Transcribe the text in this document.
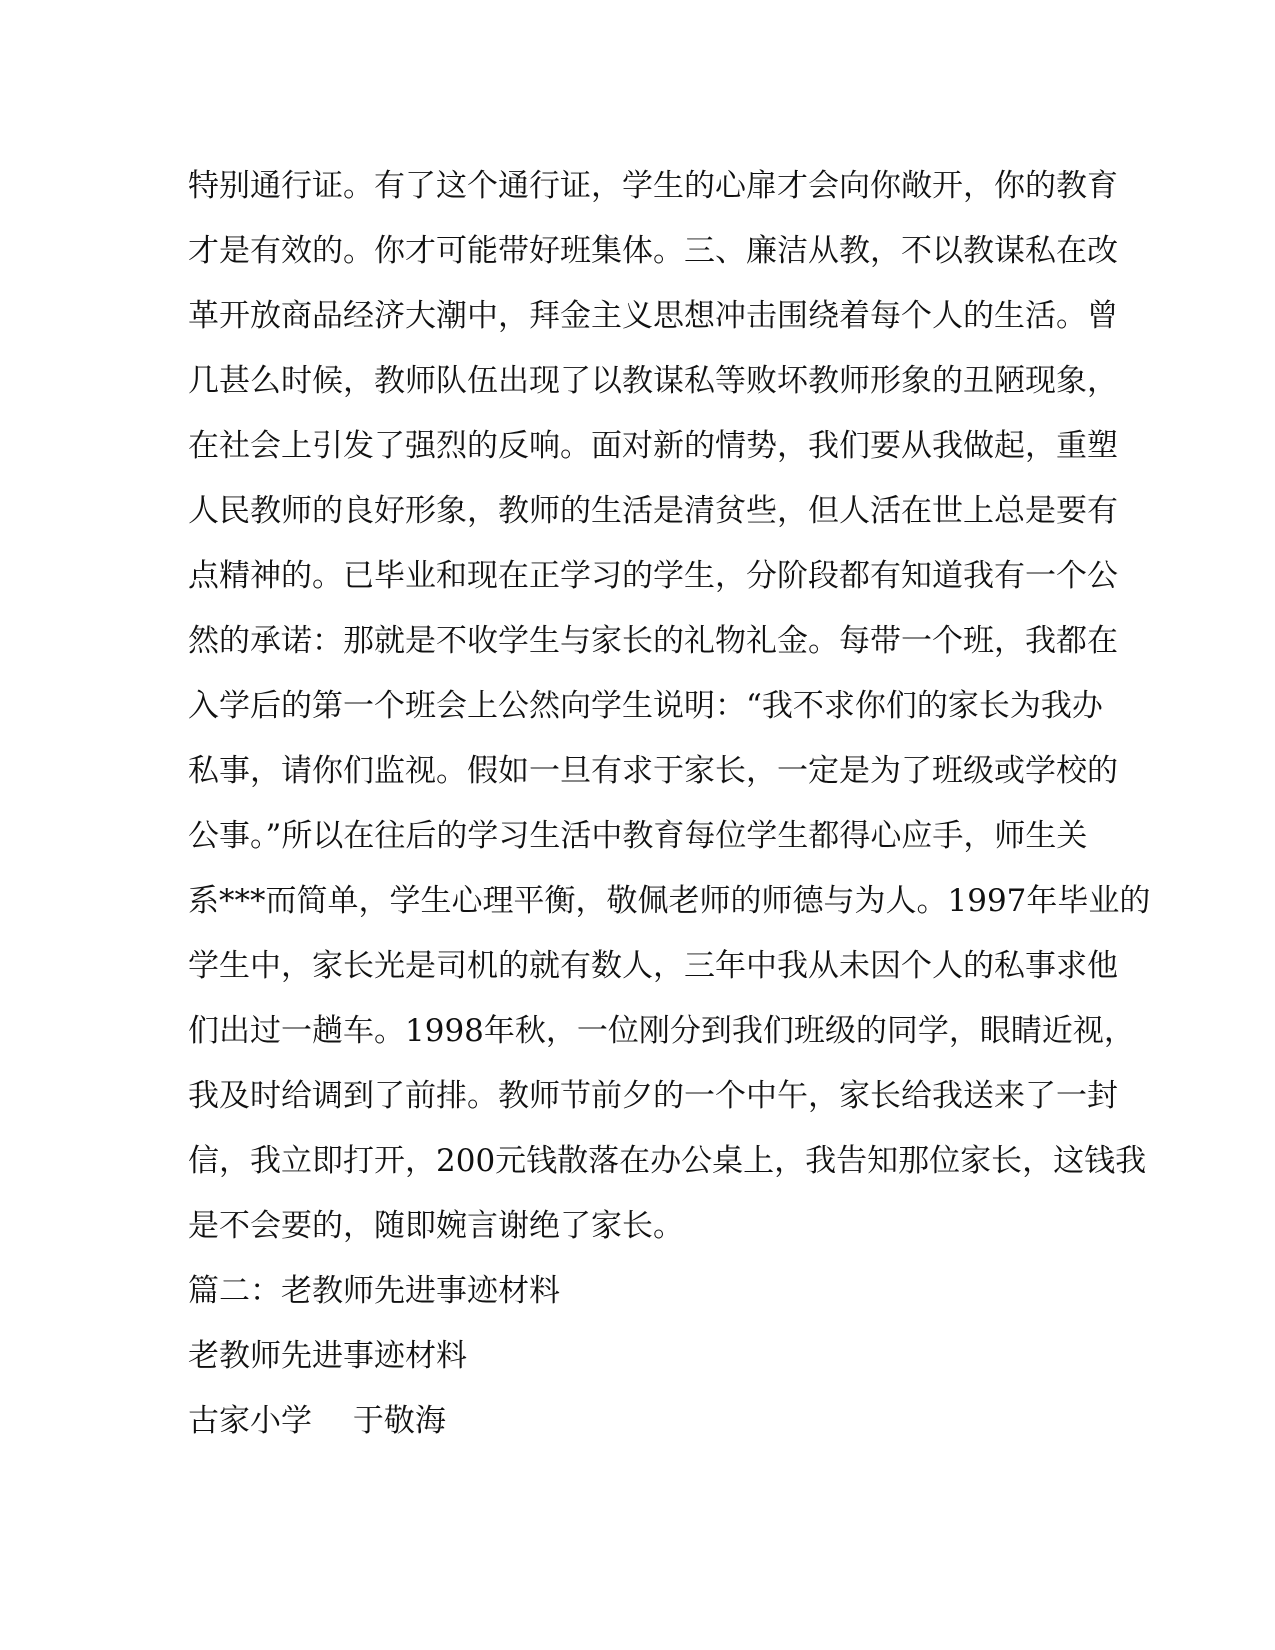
特别通行证。有了这个通行证，学生的心扉才会向你敞开，你的教育
才是有效的。你才可能带好班集体。三、廉洁从教，不以教谋私在改
革开放商品经济大潮中，拜金主义思想冲击围绕着每个人的生活。曾
几甚么时候，教师队伍出现了以教谋私等败坏教师形象的丑陋现象，
在社会上引发了强烈的反响。面对新的情势，我们要从我做起，重塑
人民教师的良好形象，教师的生活是清贫些，但人活在世上总是要有
点精神的。已毕业和现在正学习的学生，分阶段都有知道我有一个公
然的承诺：那就是不收学生与家长的礼物礼金。每带一个班，我都在
入学后的第一个班会上公然向学生说明：“我不求你们的家长为我办
私事，请你们监视。假如一旦有求于家长，一定是为了班级或学校的
公事。”所以在往后的学习生活中教育每位学生都得心应手，师生关
系***而简单，学生心理平衡，敬佩老师的师德与为人。1997年毕业的
学生中，家长光是司机的就有数人，三年中我从未因个人的私事求他
们出过一趟车。1998年秋，一位刚分到我们班级的同学，眼睛近视，
我及时给调到了前排。教师节前夕的一个中午，家长给我送来了一封
信，我立即打开，200元钱散落在办公桌上，我告知那位家长，这钱我
是不会要的，随即婉言谢绝了家长。
篇二：老教师先进事迹材料
老教师先进事迹材料
古家小学　 于敬海
